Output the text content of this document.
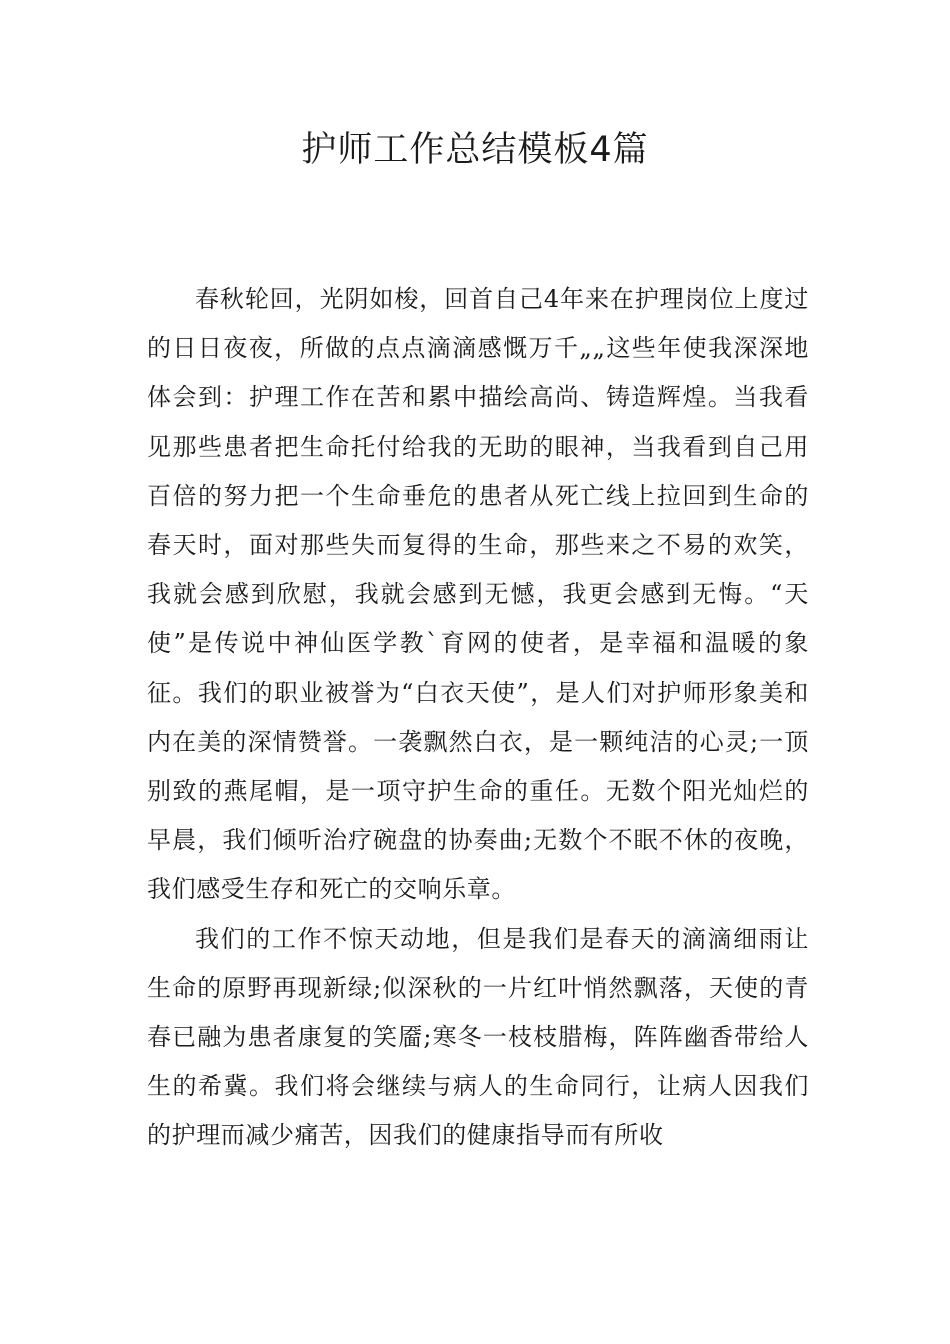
护师工作总结模板4篇

春秋轮回，光阴如梭，回首自己4年来在护理岗位上度过的日日夜夜，所做的点点滴滴感慨万千„„这些年使我深深地体会到：护理工作在苦和累中描绘高尚、铸造辉煌。当我看见那些患者把生命托付给我的无助的眼神，当我看到自己用百倍的努力把一个生命垂危的患者从死亡线上拉回到生命的春天时，面对那些失而复得的生命，那些来之不易的欢笑，我就会感到欣慰，我就会感到无憾，我更会感到无悔。“天使”是传说中神仙医学教`育网的使者，是幸福和温暖的象征。我们的职业被誉为“白衣天使”，是人们对护师形象美和内在美的深情赞誉。一袭飘然白衣，是一颗纯洁的心灵;一顶别致的燕尾帽，是一项守护生命的重任。无数个阳光灿烂的早晨，我们倾听治疗碗盘的协奏曲;无数个不眠不休的夜晚，我们感受生存和死亡的交响乐章。

我们的工作不惊天动地，但是我们是春天的滴滴细雨让生命的原野再现新绿;似深秋的一片红叶悄然飘落，天使的青春已融为患者康复的笑靥;寒冬一枝枝腊梅，阵阵幽香带给人生的希冀。我们将会继续与病人的生命同行，让病人因我们的护理而减少痛苦，因我们的健康指导而有所收
